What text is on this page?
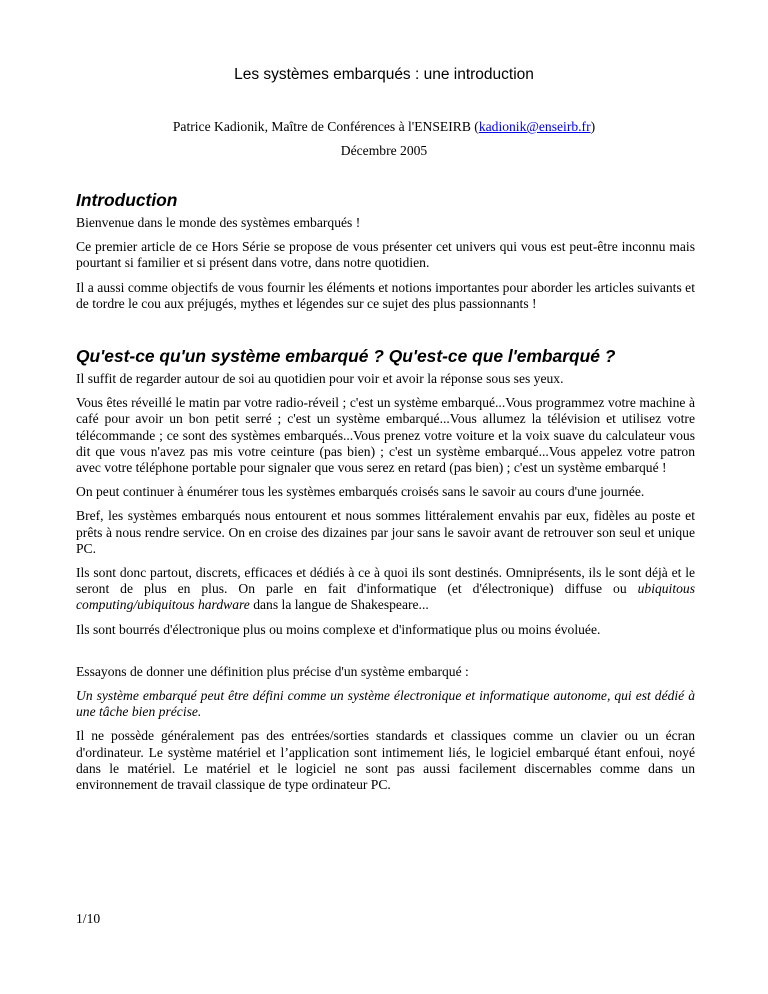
Les systèmes embarqués : une introduction
Patrice Kadionik, Maître de Conférences à l'ENSEIRB (kadionik@enseirb.fr)
Décembre 2005
Introduction

Bienvenue dans le monde des systèmes embarqués !

Ce premier article de ce Hors Série se propose de vous présenter cet univers qui vous est peut-être inconnu mais pourtant si familier et si présent dans votre, dans notre quotidien.

Il a aussi comme objectifs de vous fournir les éléments et notions importantes pour aborder les articles suivants et de tordre le cou aux préjugés, mythes et légendes sur ce sujet des plus passionnants !

Qu'est-ce qu'un système embarqué ? Qu'est-ce que l'embarqué ?

Il suffit de regarder autour de soi au quotidien pour voir et avoir la réponse sous ses yeux.

Vous êtes réveillé le matin par votre radio-réveil ; c'est un système embarqué...Vous programmez votre machine à café pour avoir un bon petit serré ; c'est un système embarqué...Vous allumez la télévision et utilisez votre télécommande ; ce sont des systèmes embarqués...Vous prenez votre voiture et la voix suave du calculateur vous dit que vous n'avez pas mis votre ceinture (pas bien) ; c'est un système embarqué...Vous appelez votre patron avec votre téléphone portable pour signaler que vous serez en retard (pas bien) ; c'est un système embarqué !

On peut continuer à énumérer tous les systèmes embarqués croisés sans le savoir au cours d'une journée.

Bref, les systèmes embarqués nous entourent et nous sommes littéralement envahis par eux, fidèles au poste et prêts à nous rendre service. On en croise des dizaines par jour sans le savoir avant de retrouver son seul et unique PC.

Ils sont donc partout, discrets, efficaces et dédiés à ce à quoi ils sont destinés. Omniprésents, ils le sont déjà et le seront de plus en plus. On parle en fait d'informatique (et d'électronique) diffuse ou ubiquitous computing/ubiquitous hardware dans la langue de Shakespeare...

Ils sont bourrés d'électronique plus ou moins complexe et d'informatique plus ou moins évoluée.

Essayons de donner une définition plus précise d'un système embarqué :

Un système embarqué peut être défini comme un système électronique et informatique autonome, qui est dédié à une tâche bien précise.

Il ne possède généralement pas des entrées/sorties standards et classiques comme un clavier ou un écran d'ordinateur. Le système matériel et l’application sont intimement liés, le logiciel embarqué étant enfoui, noyé dans le matériel. Le matériel et le logiciel ne sont pas aussi facilement discernables comme dans un environnement de travail classique de type ordinateur PC.

1/10
